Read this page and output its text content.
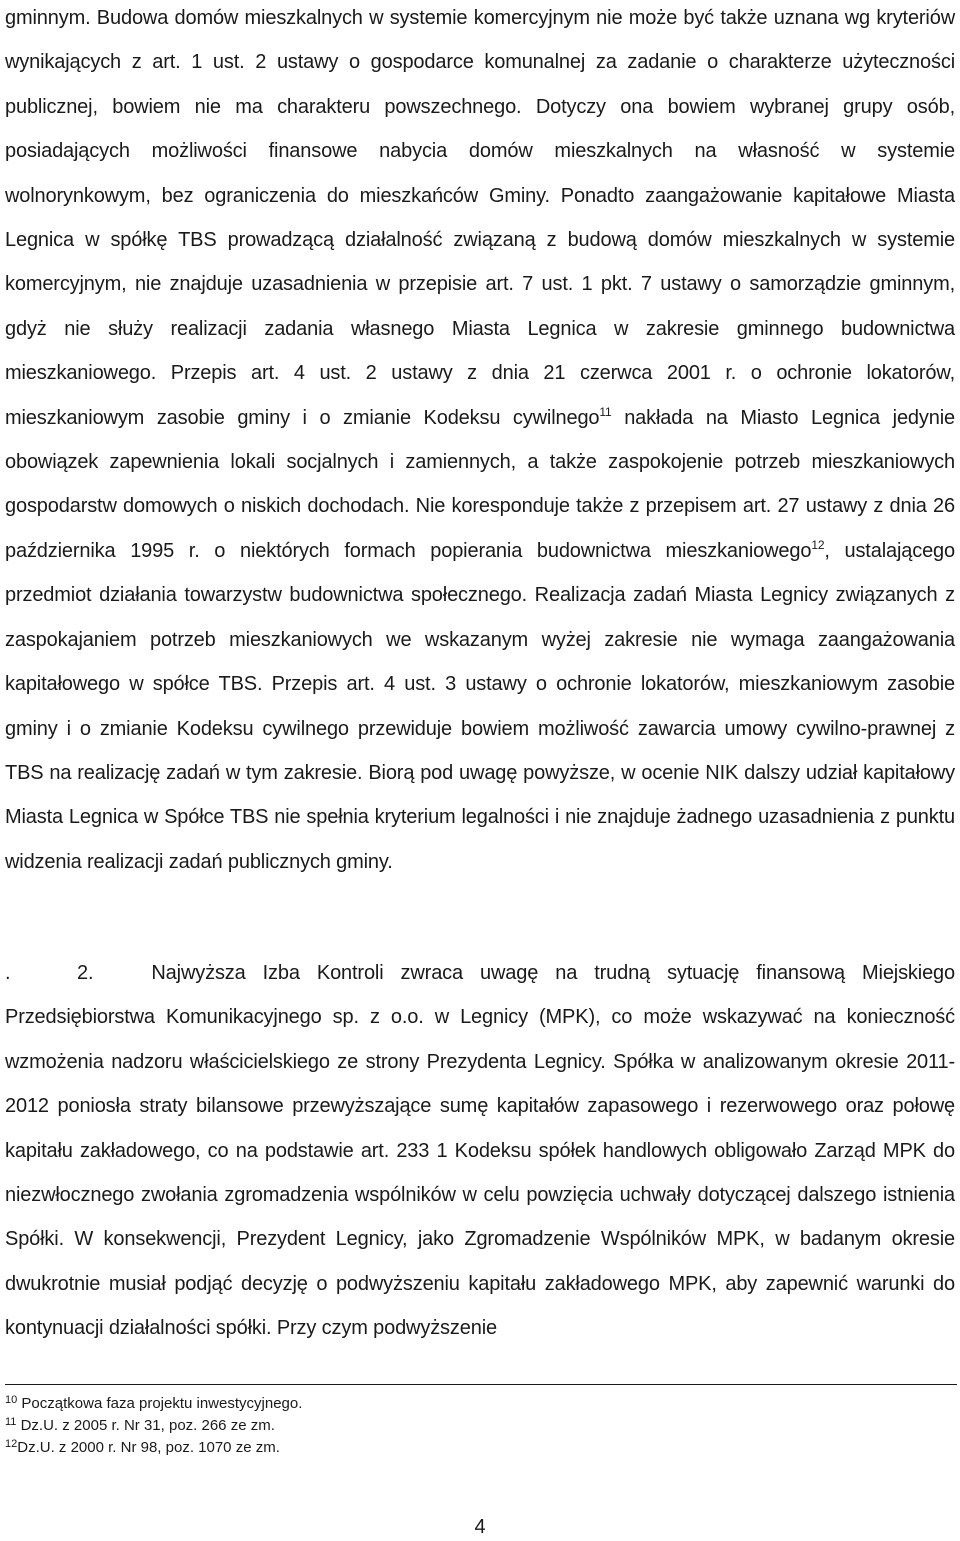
gminnym. Budowa domów mieszkalnych w systemie komercyjnym nie może być także uznana wg kryteriów wynikających z art. 1 ust. 2 ustawy o gospodarce komunalnej za zadanie o charakterze użyteczności publicznej, bowiem nie ma charakteru powszechnego. Dotyczy ona bowiem wybranej grupy osób, posiadających możliwości finansowe nabycia domów mieszkalnych na własność w systemie wolnorynkowym, bez ograniczenia do mieszkańców Gminy. Ponadto zaangażowanie kapitałowe Miasta Legnica w spółkę TBS prowadzącą działalność związaną z budową domów mieszkalnych w systemie komercyjnym, nie znajduje uzasadnienia w przepisie art. 7 ust. 1 pkt. 7 ustawy o samorządzie gminnym, gdyż nie służy realizacji zadania własnego Miasta Legnica w zakresie gminnego budownictwa mieszkaniowego. Przepis art. 4 ust. 2 ustawy z dnia 21 czerwca 2001 r. o ochronie lokatorów, mieszkaniowym zasobie gminy i o zmianie Kodeksu cywilnego$^{11}$ nakłada na Miasto Legnica jedynie obowiązek zapewnienia lokali socjalnych i zamiennych, a także zaspokojenie potrzeb mieszkaniowych gospodarstw domowych o niskich dochodach. Nie koresponduje także z przepisem art. 27 ustawy z dnia 26 października 1995 r. o niektórych formach popierania budownictwa mieszkaniowego$^{12}$, ustalającego przedmiot działania towarzystw budownictwa społecznego. Realizacja zadań Miasta Legnicy związanych z zaspokajaniem potrzeb mieszkaniowych we wskazanym wyżej zakresie nie wymaga zaangażowania kapitałowego w spółce TBS. Przepis art. 4 ust. 3 ustawy o ochronie lokatorów, mieszkaniowym zasobie gminy i o zmianie Kodeksu cywilnego przewiduje bowiem możliwość zawarcia umowy cywilno-prawnej z TBS na realizację zadań w tym zakresie. Biorą pod uwagę powyższe, w ocenie NIK dalszy udział kapitałowy Miasta Legnica w Spółce TBS nie spełnia kryterium legalności i nie znajduje żadnego uzasadnienia z punktu widzenia realizacji zadań publicznych gminy.

.	2.	Najwyższa Izba Kontroli zwraca uwagę na trudną sytuację finansową Miejskiego Przedsiębiorstwa Komunikacyjnego sp. z o.o. w Legnicy (MPK), co może wskazywać na konieczność wzmożenia nadzoru właścicielskiego ze strony Prezydenta Legnicy. Spółka w analizowanym okresie 2011- 2012 poniosła straty bilansowe przewyższające sumę kapitałów zapasowego i rezerwowego oraz połowę kapitału zakładowego, co na podstawie art. 233 1 Kodeksu spółek handlowych obligowało Zarząd MPK do niezwłocznego zwołania zgromadzenia wspólników w celu powzięcia uchwały dotyczącej dalszego istnienia Spółki. W konsekwencji, Prezydent Legnicy, jako Zgromadzenie Wspólników MPK, w badanym okresie dwukrotnie musiał podjąć decyzję o podwyższeniu kapitału zakładowego MPK, aby zapewnić warunki do kontynuacji działalności spółki. Przy czym podwyższenie

$^{10}$ Początkowa faza projektu inwestycyjnego.

$^{11}$ Dz.U. z 2005 r. Nr 31, poz. 266 ze zm.

$^{12}$Dz.U. z 2000 r. Nr 98, poz. 1070 ze zm.

4
